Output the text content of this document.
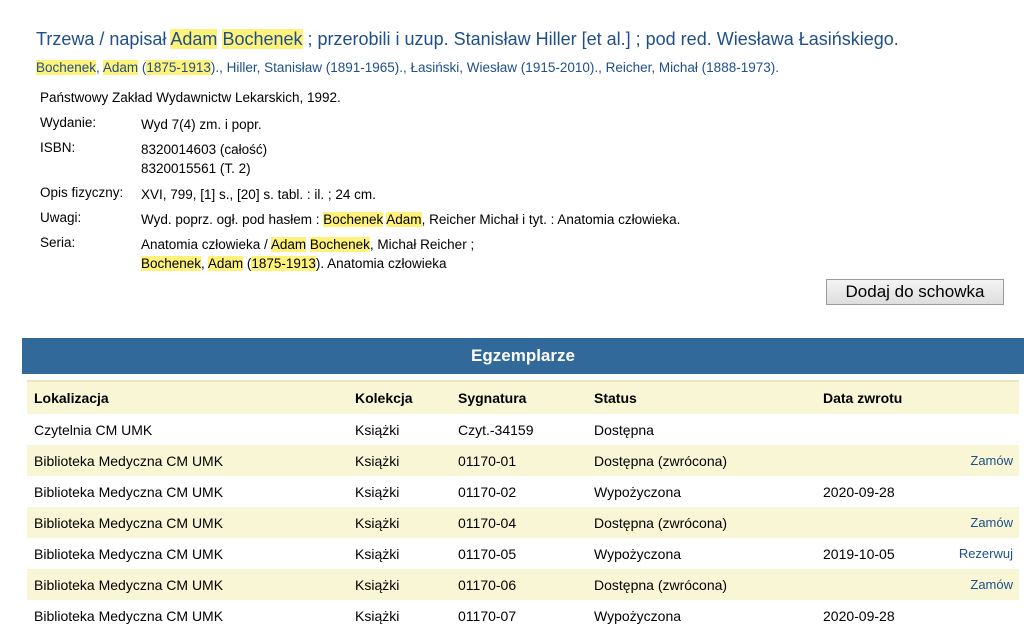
Trzewa / napisał Adam Bochenek ; przerobili i uzup. Stanisław Hiller [et al.] ; pod red. Wiesława Łasińskiego.
Bochenek, Adam (1875-1913)., Hiller, Stanisław (1891-1965)., Łasiński, Wiesław (1915-2010)., Reicher, Michał (1888-1973).
Państwowy Zakład Wydawnictw Lekarskich, 1992.
Wydanie:	Wyd 7(4) zm. i popr.
ISBN:	8320014603 (całość)
8320015561 (T. 2)
Opis fizyczny: XVI, 799, [1] s., [20] s. tabl. : il. ; 24 cm.
Uwagi:	Wyd. poprz. ogł. pod hasłem : Bochenek Adam, Reicher Michał i tyt. : Anatomia człowieka.
Seria:	Anatomia człowieka / Adam Bochenek, Michał Reicher ;
Bochenek, Adam (1875-1913). Anatomia człowieka
Dodaj do schowka
Egzemplarze
Lokalizacja	Kolekcja	Sygnatura	Status	Data zwrotu	
Czytelnia CM UMK	Książki	Czyt.-34159	Dostępna		
Biblioteka Medyczna CM UMK	Książki	01170-01	Dostępna (zwrócona)		Zamów
Biblioteka Medyczna CM UMK	Książki	01170-02	Wypożyczona	2020-09-28	
Biblioteka Medyczna CM UMK	Książki	01170-04	Dostępna (zwrócona)		Zamów
Biblioteka Medyczna CM UMK	Książki	01170-05	Wypożyczona	2019-10-05	Rezerwuj
Biblioteka Medyczna CM UMK	Książki	01170-06	Dostępna (zwrócona)		Zamów
Biblioteka Medyczna CM UMK	Książki	01170-07	Wypożyczona	2020-09-28	
